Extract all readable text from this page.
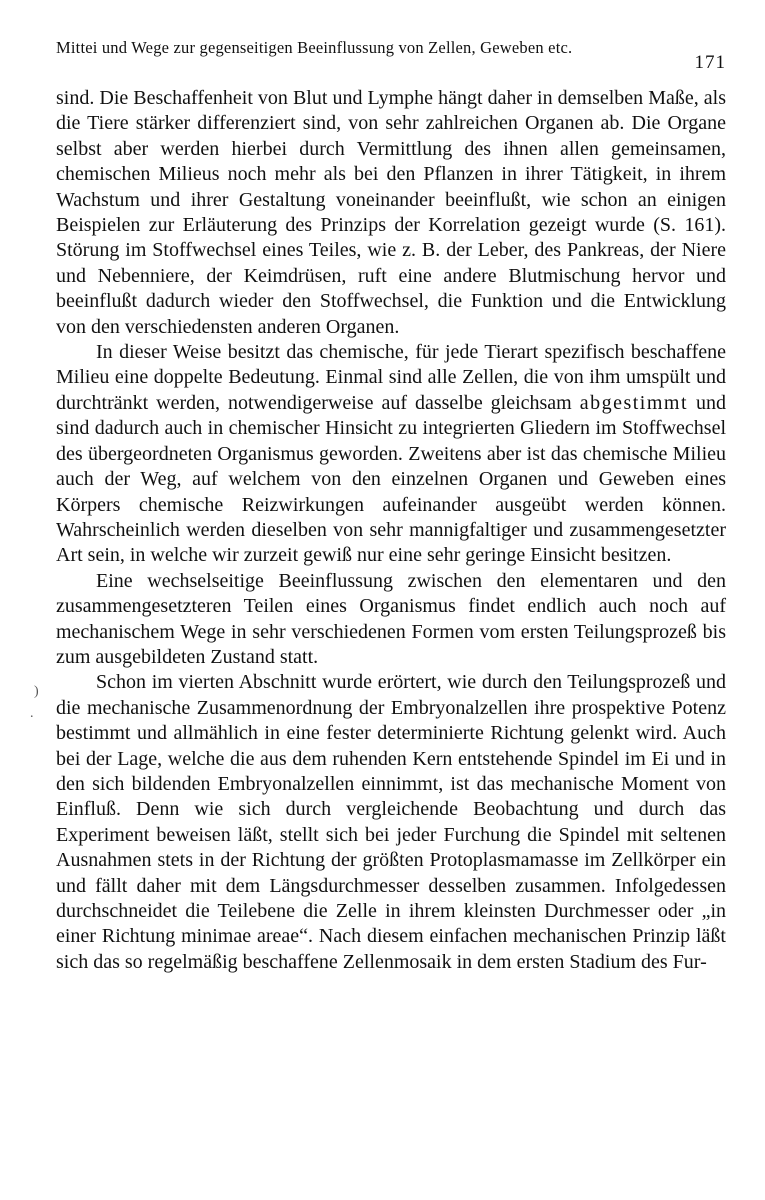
Mittei und Wege zur gegenseitigen Beeinflussung von Zellen, Geweben etc.
171

sind. Die Beschaffenheit von Blut und Lymphe hängt daher in demselben Maße, als die Tiere stärker differenziert sind, von sehr zahlreichen Organen ab. Die Organe selbst aber werden hierbei durch Vermittlung des ihnen allen gemeinsamen, chemischen Milieus noch mehr als bei den Pflanzen in ihrer Tätigkeit, in ihrem Wachstum und ihrer Gestaltung voneinander beeinflußt, wie schon an einigen Beispielen zur Erläuterung des Prinzips der Korrelation gezeigt wurde (S. 161). Störung im Stoffwechsel eines Teiles, wie z. B. der Leber, des Pankreas, der Niere und Nebenniere, der Keimdrüsen, ruft eine andere Blutmischung hervor und beeinflußt dadurch wieder den Stoffwechsel, die Funktion und die Entwicklung von den verschiedensten anderen Organen.

In dieser Weise besitzt das chemische, für jede Tierart spezifisch beschaffene Milieu eine doppelte Bedeutung. Einmal sind alle Zellen, die von ihm umspült und durchtränkt werden, notwendigerweise auf dasselbe gleichsam abgestimmt und sind dadurch auch in chemischer Hinsicht zu integrierten Gliedern im Stoffwechsel des übergeordneten Organismus geworden. Zweitens aber ist das chemische Milieu auch der Weg, auf welchem von den einzelnen Organen und Geweben eines Körpers chemische Reizwirkungen aufeinander ausgeübt werden können. Wahrscheinlich werden dieselben von sehr mannigfaltiger und zusammengesetzter Art sein, in welche wir zurzeit gewiß nur eine sehr geringe Einsicht besitzen.

Eine wechselseitige Beeinflussung zwischen den elementaren und den zusammengesetzteren Teilen eines Organismus findet endlich auch noch auf mechanischem Wege in sehr verschiedenen Formen vom ersten Teilungsprozeß bis zum ausgebildeten Zustand statt.

Schon im vierten Abschnitt wurde erörtert, wie durch den Teilungsprozeß und die mechanische Zusammenordnung der Embryonalzellen ihre prospektive Potenz bestimmt und allmählich in eine fester determinierte Richtung gelenkt wird. Auch bei der Lage, welche die aus dem ruhenden Kern entstehende Spindel im Ei und in den sich bildenden Embryonalzellen einnimmt, ist das mechanische Moment von Einfluß. Denn wie sich durch vergleichende Beobachtung und durch das Experiment beweisen läßt, stellt sich bei jeder Furchung die Spindel mit seltenen Ausnahmen stets in der Richtung der größten Protoplasmamasse im Zellkörper ein und fällt daher mit dem Längsdurchmesser desselben zusammen. Infolgedessen durchschneidet die Teilebene die Zelle in ihrem kleinsten Durchmesser oder „in einer Richtung minimae areae“. Nach diesem einfachen mechanischen Prinzip läßt sich das so regelmäßig beschaffene Zellenmosaik in dem ersten Stadium des Fur-

)
.
